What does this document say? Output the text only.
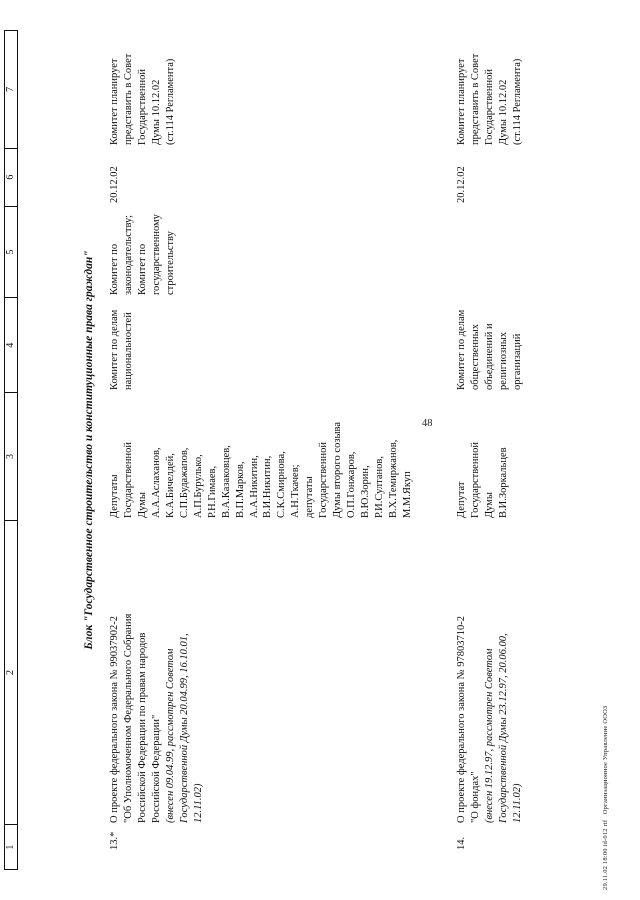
1
2
3
4
5
6
7
Блок "Государственное строительство и конституционные права граждан"
13.*
О проекте федерального закона № 99037902-2 "Об Уполномоченном Федерального Собрания Российской Федерации по правам народов Российской Федерации" (внесен 09.04.99, рассмотрен Советом Государственной Думы 20.04.99, 16.10.01, 12.11.02)
Депутаты Государственной Думы А.А.Аслаханов, К.А.Бичелдей, С.П.Будажапов, А.П.Бурулько, Р.Н.Гимаев, В.А.Казаковцев, В.П.Марков, А.А.Никитин, В.И.Никитин, С.К.Смирнова, А.Н.Ткачев; депутаты Государственной Думы второго созыва О.П.Гонжаров, В.Ю.Зорин, Р.И.Султанов, В.Х.Темиржанов, М.М.Якуп
Комитет по делам национальностей
Комитет по законодательству; Комитет по государственному строительству
20.12.02
Комитет планирует представить в Совет Государственной Думы 10.12.02 (ст.114 Регламента)
14.
О проекте федерального закона № 97803710-2 "О фондах" (внесен 19.12.97, рассмотрен Советом Государственной Думы 23.12.97, 20.06.00, 12.11.02)
Депутат Государственной Думы В.И.Зоркальцев
Комитет по делам общественных объединений и религиозных организаций
20.12.02
Комитет планирует представить в Совет Государственной Думы 10.12.02 (ст.114 Регламента)
29.11.02 18:00 id-012 rtf   Организационное Управление ООО3
48
